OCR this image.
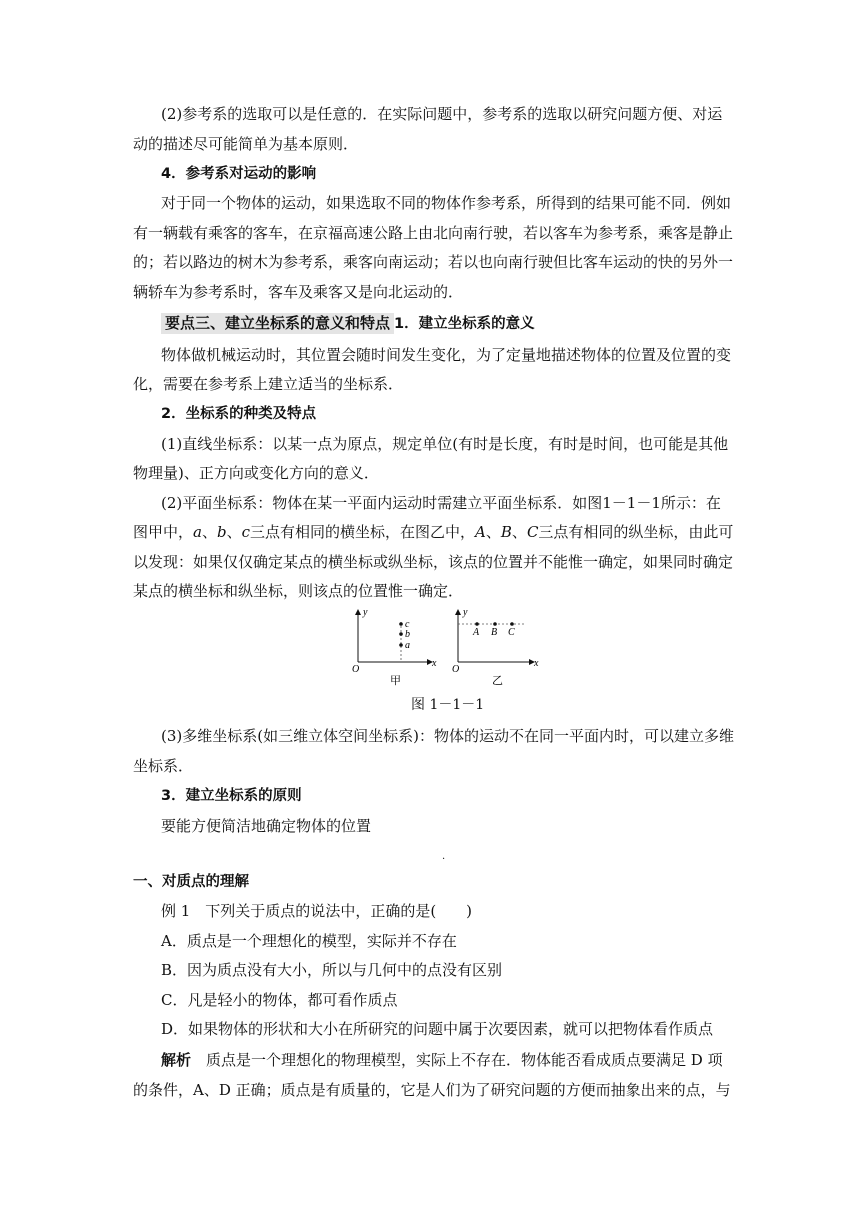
(2)参考系的选取可以是任意的．在实际问题中，参考系的选取以研究问题方便、对运
动的描述尽可能简单为基本原则．
4．参考系对运动的影响
对于同一个物体的运动，如果选取不同的物体作参考系，所得到的结果可能不同．例如
有一辆载有乘客的客车，在京福高速公路上由北向南行驶，若以客车为参考系，乘客是静止
的；若以路边的树木为参考系，乘客向南运动；若以也向南行驶但比客车运动的快的另外一
辆轿车为参考系时，客车及乘客又是向北运动的．
要点三、建立坐标系的意义和特点 1．建立坐标系的意义
物体做机械运动时，其位置会随时间发生变化，为了定量地描述物体的位置及位置的变
化，需要在参考系上建立适当的坐标系．
2．坐标系的种类及特点
(1)直线坐标系：以某一点为原点，规定单位(有时是长度，有时是时间，也可能是其他
物理量)、正方向或变化方向的意义．
(2)平面坐标系：物体在某一平面内运动时需建立平面坐标系．如图1－1－1所示：在
图甲中，a、b、c三点有相同的横坐标，在图乙中，A、B、C三点有相同的纵坐标，由此可
以发现：如果仅仅确定某点的横坐标或纵坐标，该点的位置并不能惟一确定，如果同时确定
某点的横坐标和纵坐标，则该点的位置惟一确定．
c
b
a
y
x
O
甲
A B C
y
x
O
乙
图 1－1－1
(3)多维坐标系(如三维立体空间坐标系)：物体的运动不在同一平面内时，可以建立多维
坐标系．
3．建立坐标系的原则
要能方便简洁地确定物体的位置
.
一、对质点的理解
例 1　下列关于质点的说法中，正确的是(　　)
A．质点是一个理想化的模型，实际并不存在
B．因为质点没有大小，所以与几何中的点没有区别
C．凡是轻小的物体，都可看作质点
D．如果物体的形状和大小在所研究的问题中属于次要因素，就可以把物体看作质点
解析　质点是一个理想化的物理模型，实际上不存在．物体能否看成质点要满足 D 项
的条件，A、D 正确；质点是有质量的，它是人们为了研究问题的方便而抽象出来的点，与
